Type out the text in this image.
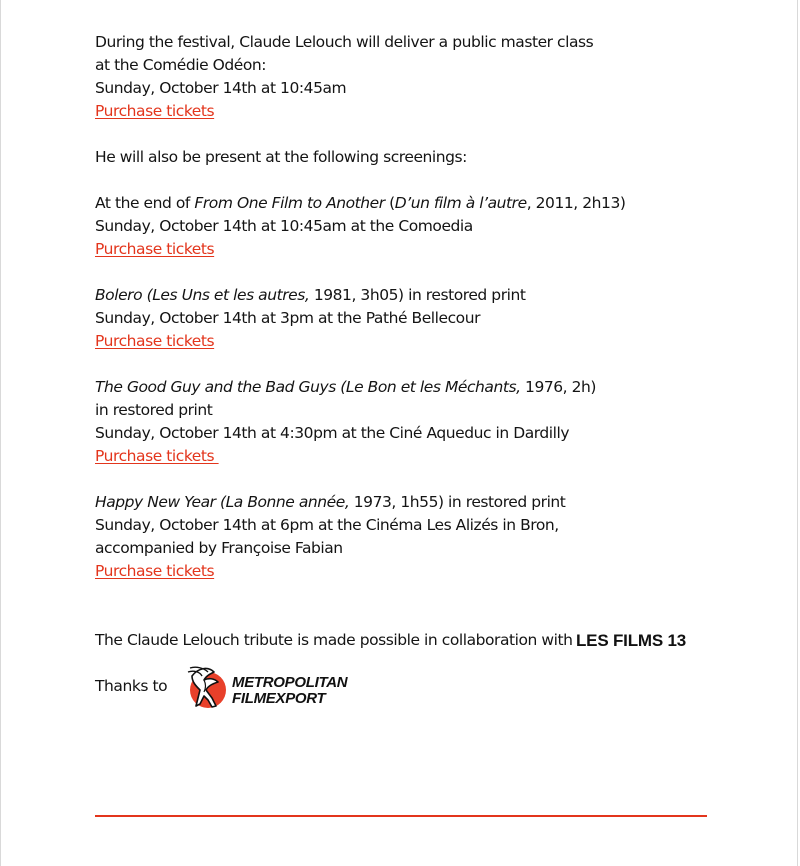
During the festival, Claude Lelouch will deliver a public master class
at the Comédie Odéon:
Sunday, October 14th at 10:45am
Purchase tickets
He will also be present at the following screenings:
At the end of From One Film to Another (D’un film à l’autre, 2011, 2h13)
Sunday, October 14th at 10:45am at the Comoedia
Purchase tickets
Bolero (Les Uns et les autres, 1981, 3h05) in restored print
Sunday, October 14th at 3pm at the Pathé Bellecour
Purchase tickets
The Good Guy and the Bad Guys (Le Bon et les Méchants, 1976, 2h)
in restored print
Sunday, October 14th at 4:30pm at the Ciné Aqueduc in Dardilly
Purchase tickets
Happy New Year (La Bonne année, 1973, 1h55) in restored print
Sunday, October 14th at 6pm at the Cinéma Les Alizés in Bron,
accompanied by Françoise Fabian
Purchase tickets
The Claude Lelouch tribute is made possible in collaboration with LES FILMS 13
Thanks to	METROPOLITAN
FILMEXPORT
